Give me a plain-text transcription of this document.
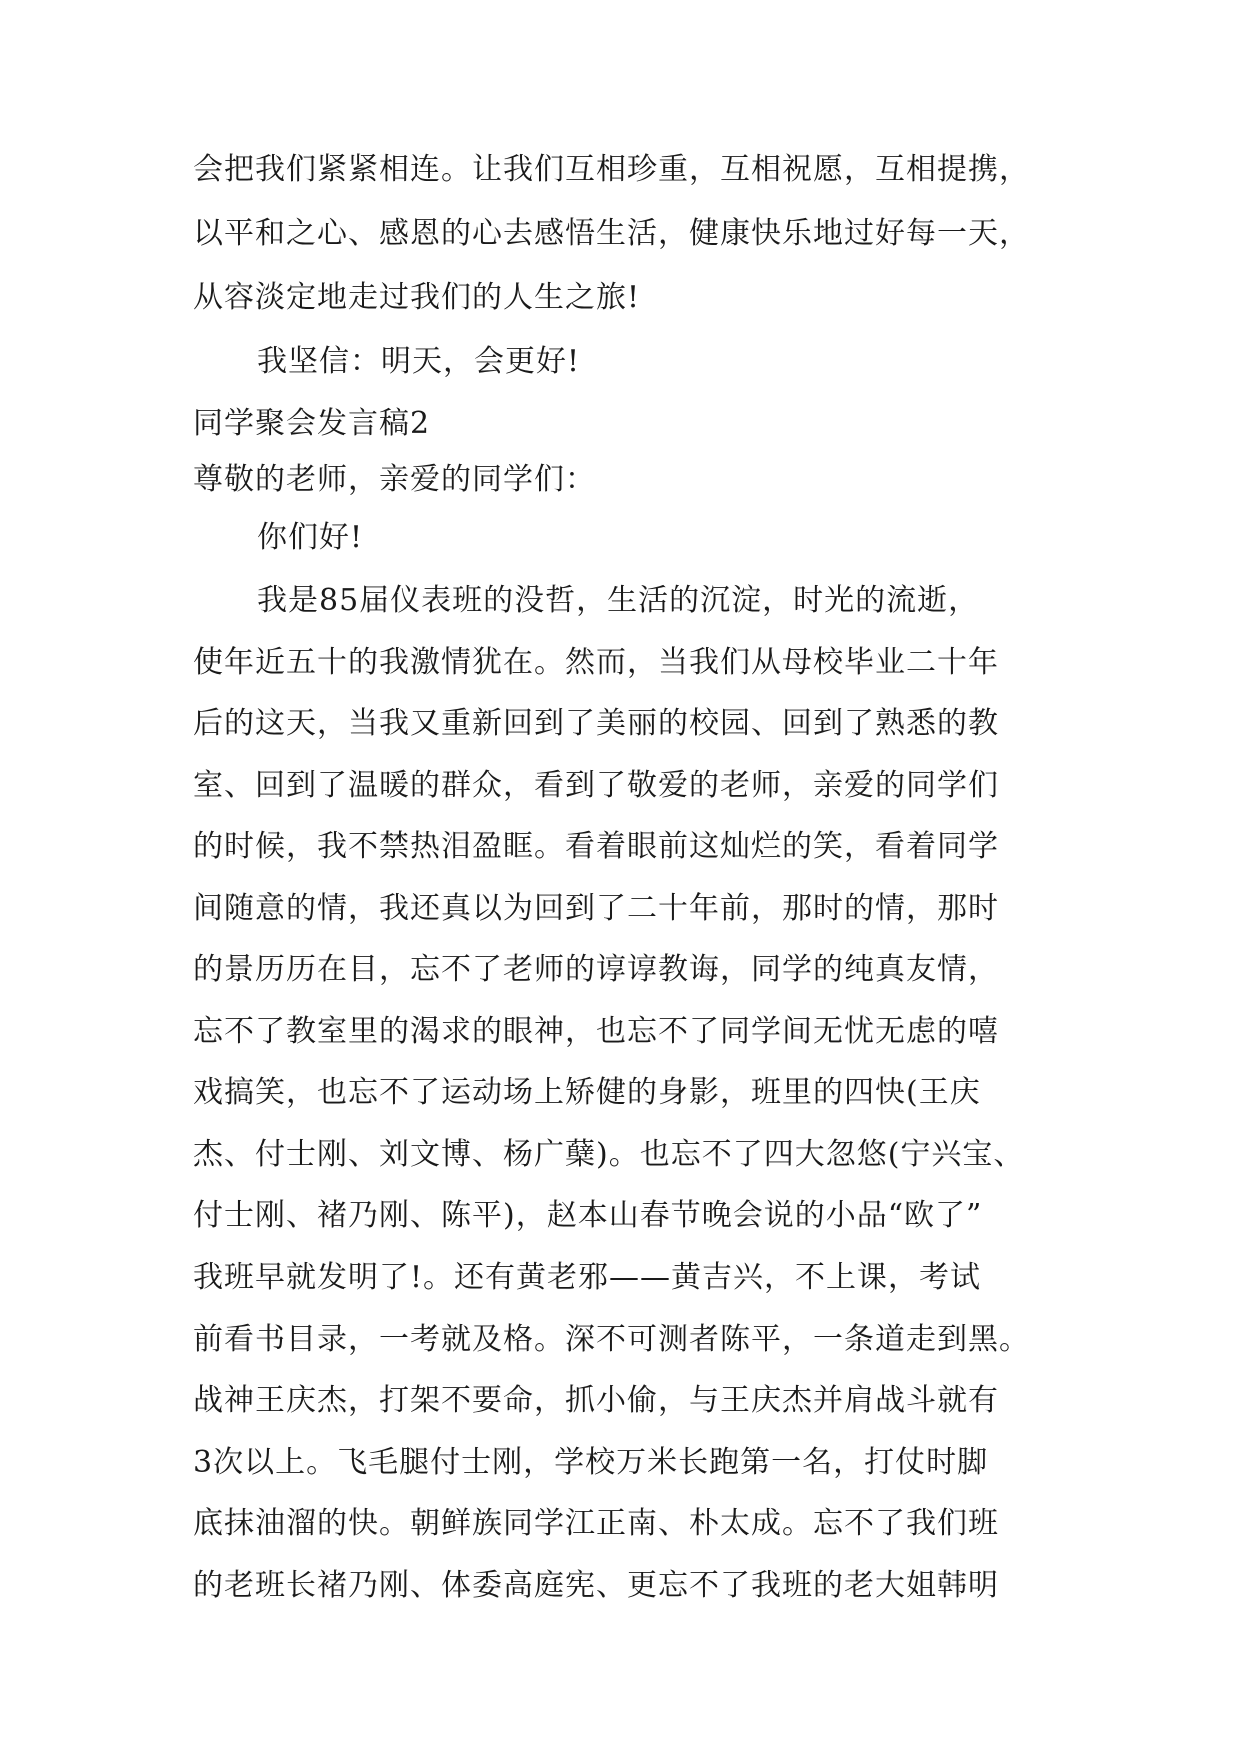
会把我们紧紧相连。让我们互相珍重，互相祝愿，互相提携，
以平和之心、感恩的心去感悟生活，健康快乐地过好每一天，
从容淡定地走过我们的人生之旅!
我坚信：明天，会更好!
同学聚会发言稿2
尊敬的老师，亲爱的同学们：
你们好!
我是85届仪表班的没哲，生活的沉淀，时光的流逝，
使年近五十的我激情犹在。然而，当我们从母校毕业二十年
后的这天，当我又重新回到了美丽的校园、回到了熟悉的教
室、回到了温暖的群众，看到了敬爱的老师，亲爱的同学们
的时候，我不禁热泪盈眶。看着眼前这灿烂的笑，看着同学
间随意的情，我还真以为回到了二十年前，那时的情，那时
的景历历在目，忘不了老师的谆谆教诲，同学的纯真友情，
忘不了教室里的渴求的眼神，也忘不了同学间无忧无虑的嘻
戏搞笑，也忘不了运动场上矫健的身影，班里的四快(王庆
杰、付士刚、刘文博、杨广蘖)。也忘不了四大忽悠(宁兴宝、
付士刚、褚乃刚、陈平)，赵本山春节晚会说的小品“欧了”
我班早就发明了!。还有黄老邪——黄吉兴，不上课，考试
前看书目录，一考就及格。深不可测者陈平，一条道走到黑。
战神王庆杰，打架不要命，抓小偷，与王庆杰并肩战斗就有
3次以上。飞毛腿付士刚，学校万米长跑第一名，打仗时脚
底抹油溜的快。朝鲜族同学江正南、朴太成。忘不了我们班
的老班长褚乃刚、体委高庭宪、更忘不了我班的老大姐韩明
